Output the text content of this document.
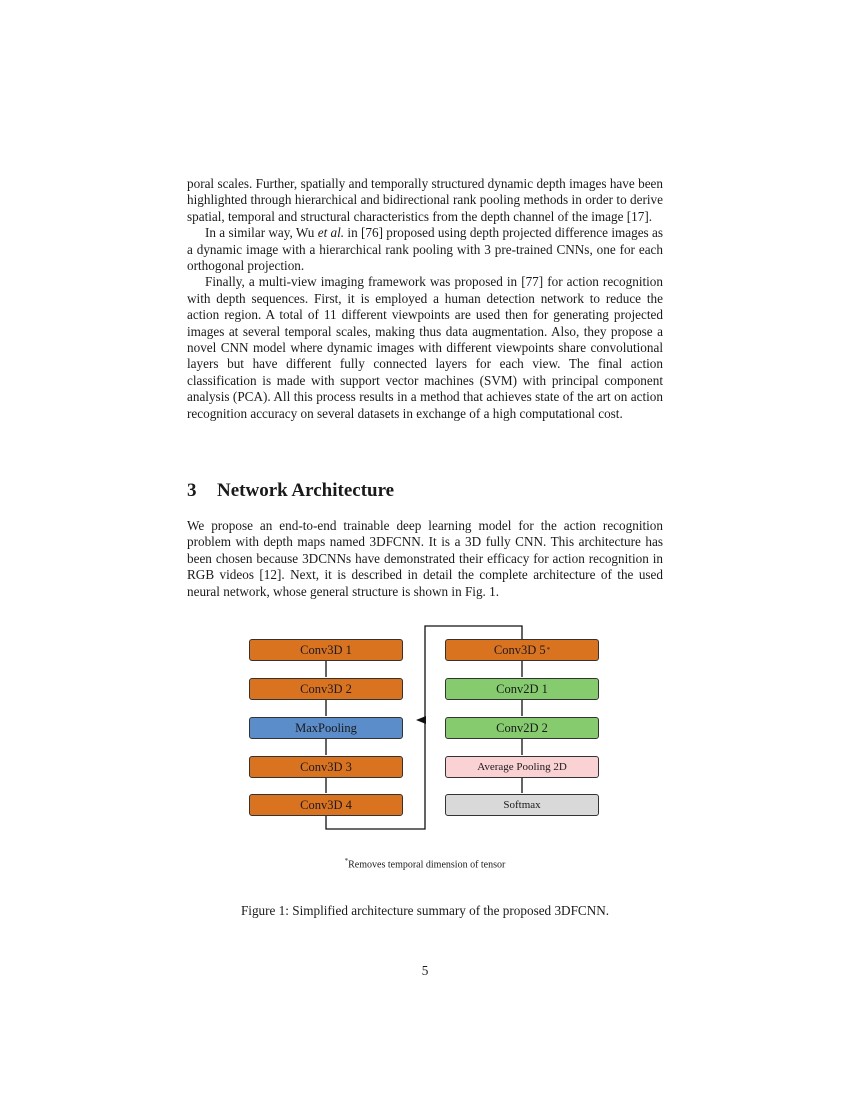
poral scales. Further, spatially and temporally structured dynamic depth images have been highlighted through hierarchical and bidirectional rank pooling methods in order to derive spatial, temporal and structural characteristics from the depth channel of the image [17].

In a similar way, Wu et al. in [76] proposed using depth projected difference images as a dynamic image with a hierarchical rank pooling with 3 pre-trained CNNs, one for each orthogonal projection.

Finally, a multi-view imaging framework was proposed in [77] for action recognition with depth sequences. First, it is employed a human detection network to reduce the action region. A total of 11 different viewpoints are used then for generating projected images at several temporal scales, making thus data augmentation. Also, they propose a novel CNN model where dynamic images with different viewpoints share convolutional layers but have different fully connected layers for each view. The final action classification is made with support vector machines (SVM) with principal component analysis (PCA). All this process results in a method that achieves state of the art on action recognition accuracy on several datasets in exchange of a high computational cost.

3 Network Architecture

We propose an end-to-end trainable deep learning model for the action recognition problem with depth maps named 3DFCNN. It is a 3D fully CNN. This architecture has been chosen because 3DCNNs have demonstrated their efficacy for action recognition in RGB videos [12]. Next, it is described in detail the complete architecture of the used neural network, whose general structure is shown in Fig. 1.

Conv3D 1
Conv3D 2
MaxPooling
Conv3D 3
Conv3D 4
Conv3D 5 *
Conv2D 1
Conv2D 2
Average Pooling 2D
Softmax
*Removes temporal dimension of tensor
Figure 1: Simplified architecture summary of the proposed 3DFCNN.
5
